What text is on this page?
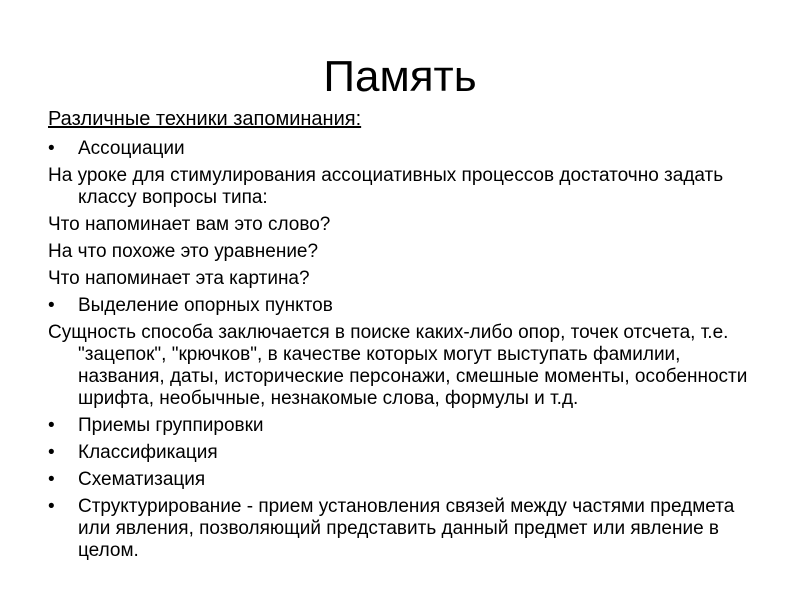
Память
Различные техники запоминания:
•	Ассоциации
На уроке для стимулирования ассоциативных процессов достаточно задать классу вопросы типа:
Что напоминает вам это слово?
На что похоже это уравнение?
Что напоминает эта картина?
•	Выделение опорных пунктов
Сущность способа заключается в поиске каких-либо опор, точек отсчета, т.е. "зацепок", "крючков", в качестве которых могут выступать фамилии, названия, даты, исторические персонажи, смешные моменты, особенности шрифта, необычные, незнакомые слова, формулы и т.д.
•	Приемы группировки
•	Классификация
•	Схематизация
•	Структурирование - прием установления связей между частями предмета или явления, позволяющий представить данный предмет или явление в целом.
